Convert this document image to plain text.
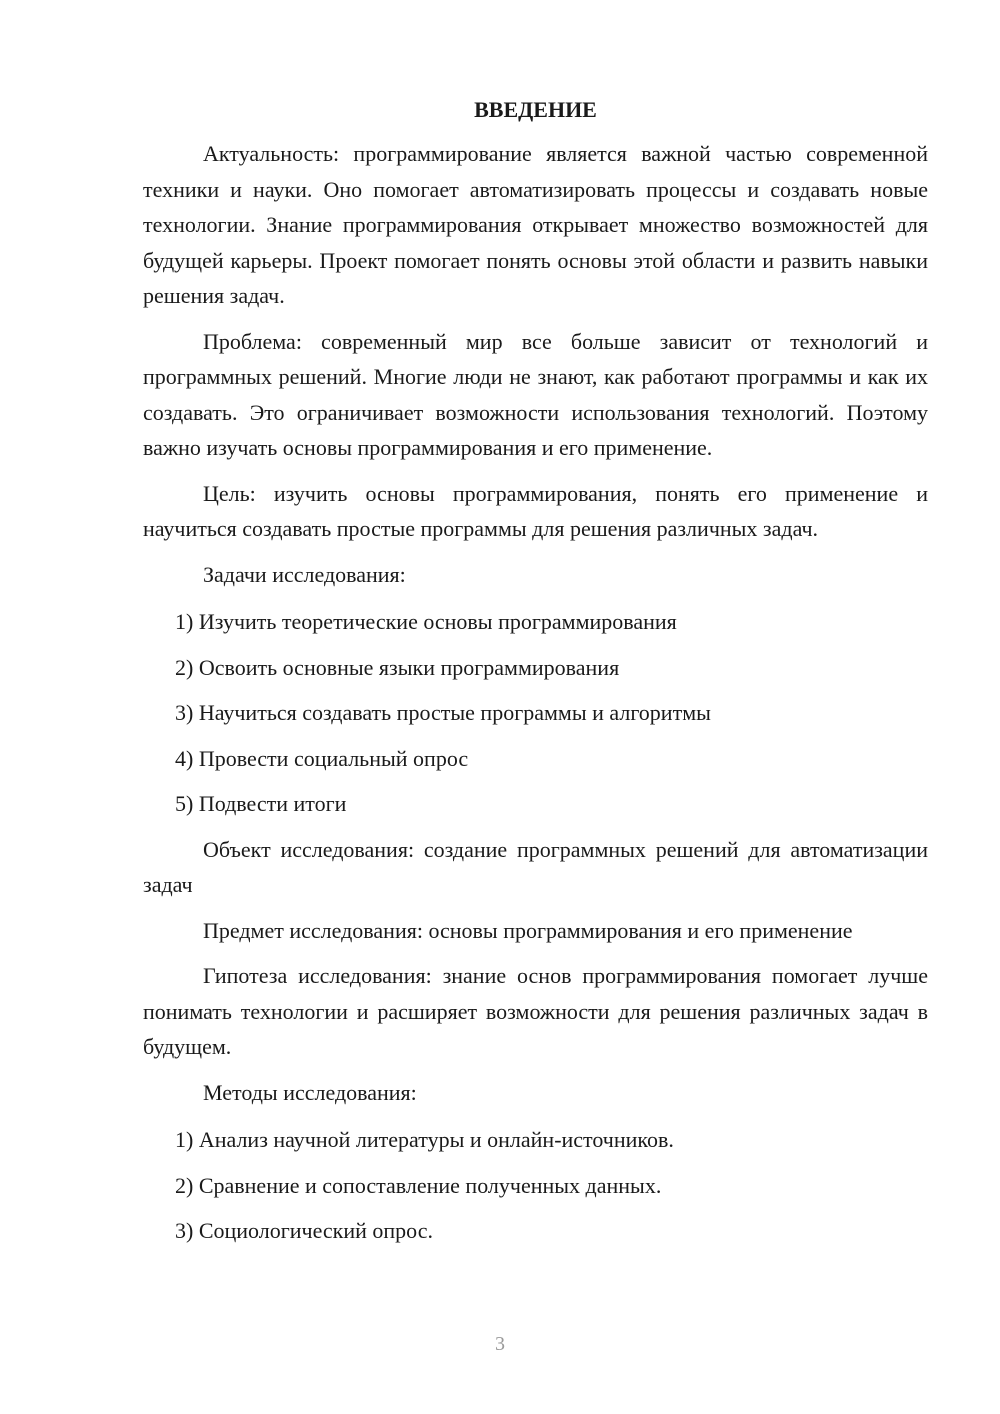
ВВЕДЕНИЕ

Актуальность: программирование является важной частью современной техники и науки. Оно помогает автоматизировать процессы и создавать новые технологии. Знание программирования открывает множество возможностей для будущей карьеры. Проект помогает понять основы этой области и развить навыки решения задач.

Проблема: современный мир все больше зависит от технологий и программных решений. Многие люди не знают, как работают программы и как их создавать. Это ограничивает возможности использования технологий. Поэтому важно изучать основы программирования и его применение.

Цель: изучить основы программирования, понять его применение и научиться создавать простые программы для решения различных задач.

Задачи исследования:

1) Изучить теоретические основы программирования
2) Освоить основные языки программирования
3) Научиться создавать простые программы и алгоритмы
4) Провести социальный опрос
5) Подвести итоги

Объект исследования: создание программных решений для автоматизации задач

Предмет исследования: основы программирования и его применение

Гипотеза исследования: знание основ программирования помогает лучше понимать технологии и расширяет возможности для решения различных задач в будущем.

Методы исследования:

1) Анализ научной литературы и онлайн-источников.
2) Сравнение и сопоставление полученных данных.
3) Социологический опрос.
3
